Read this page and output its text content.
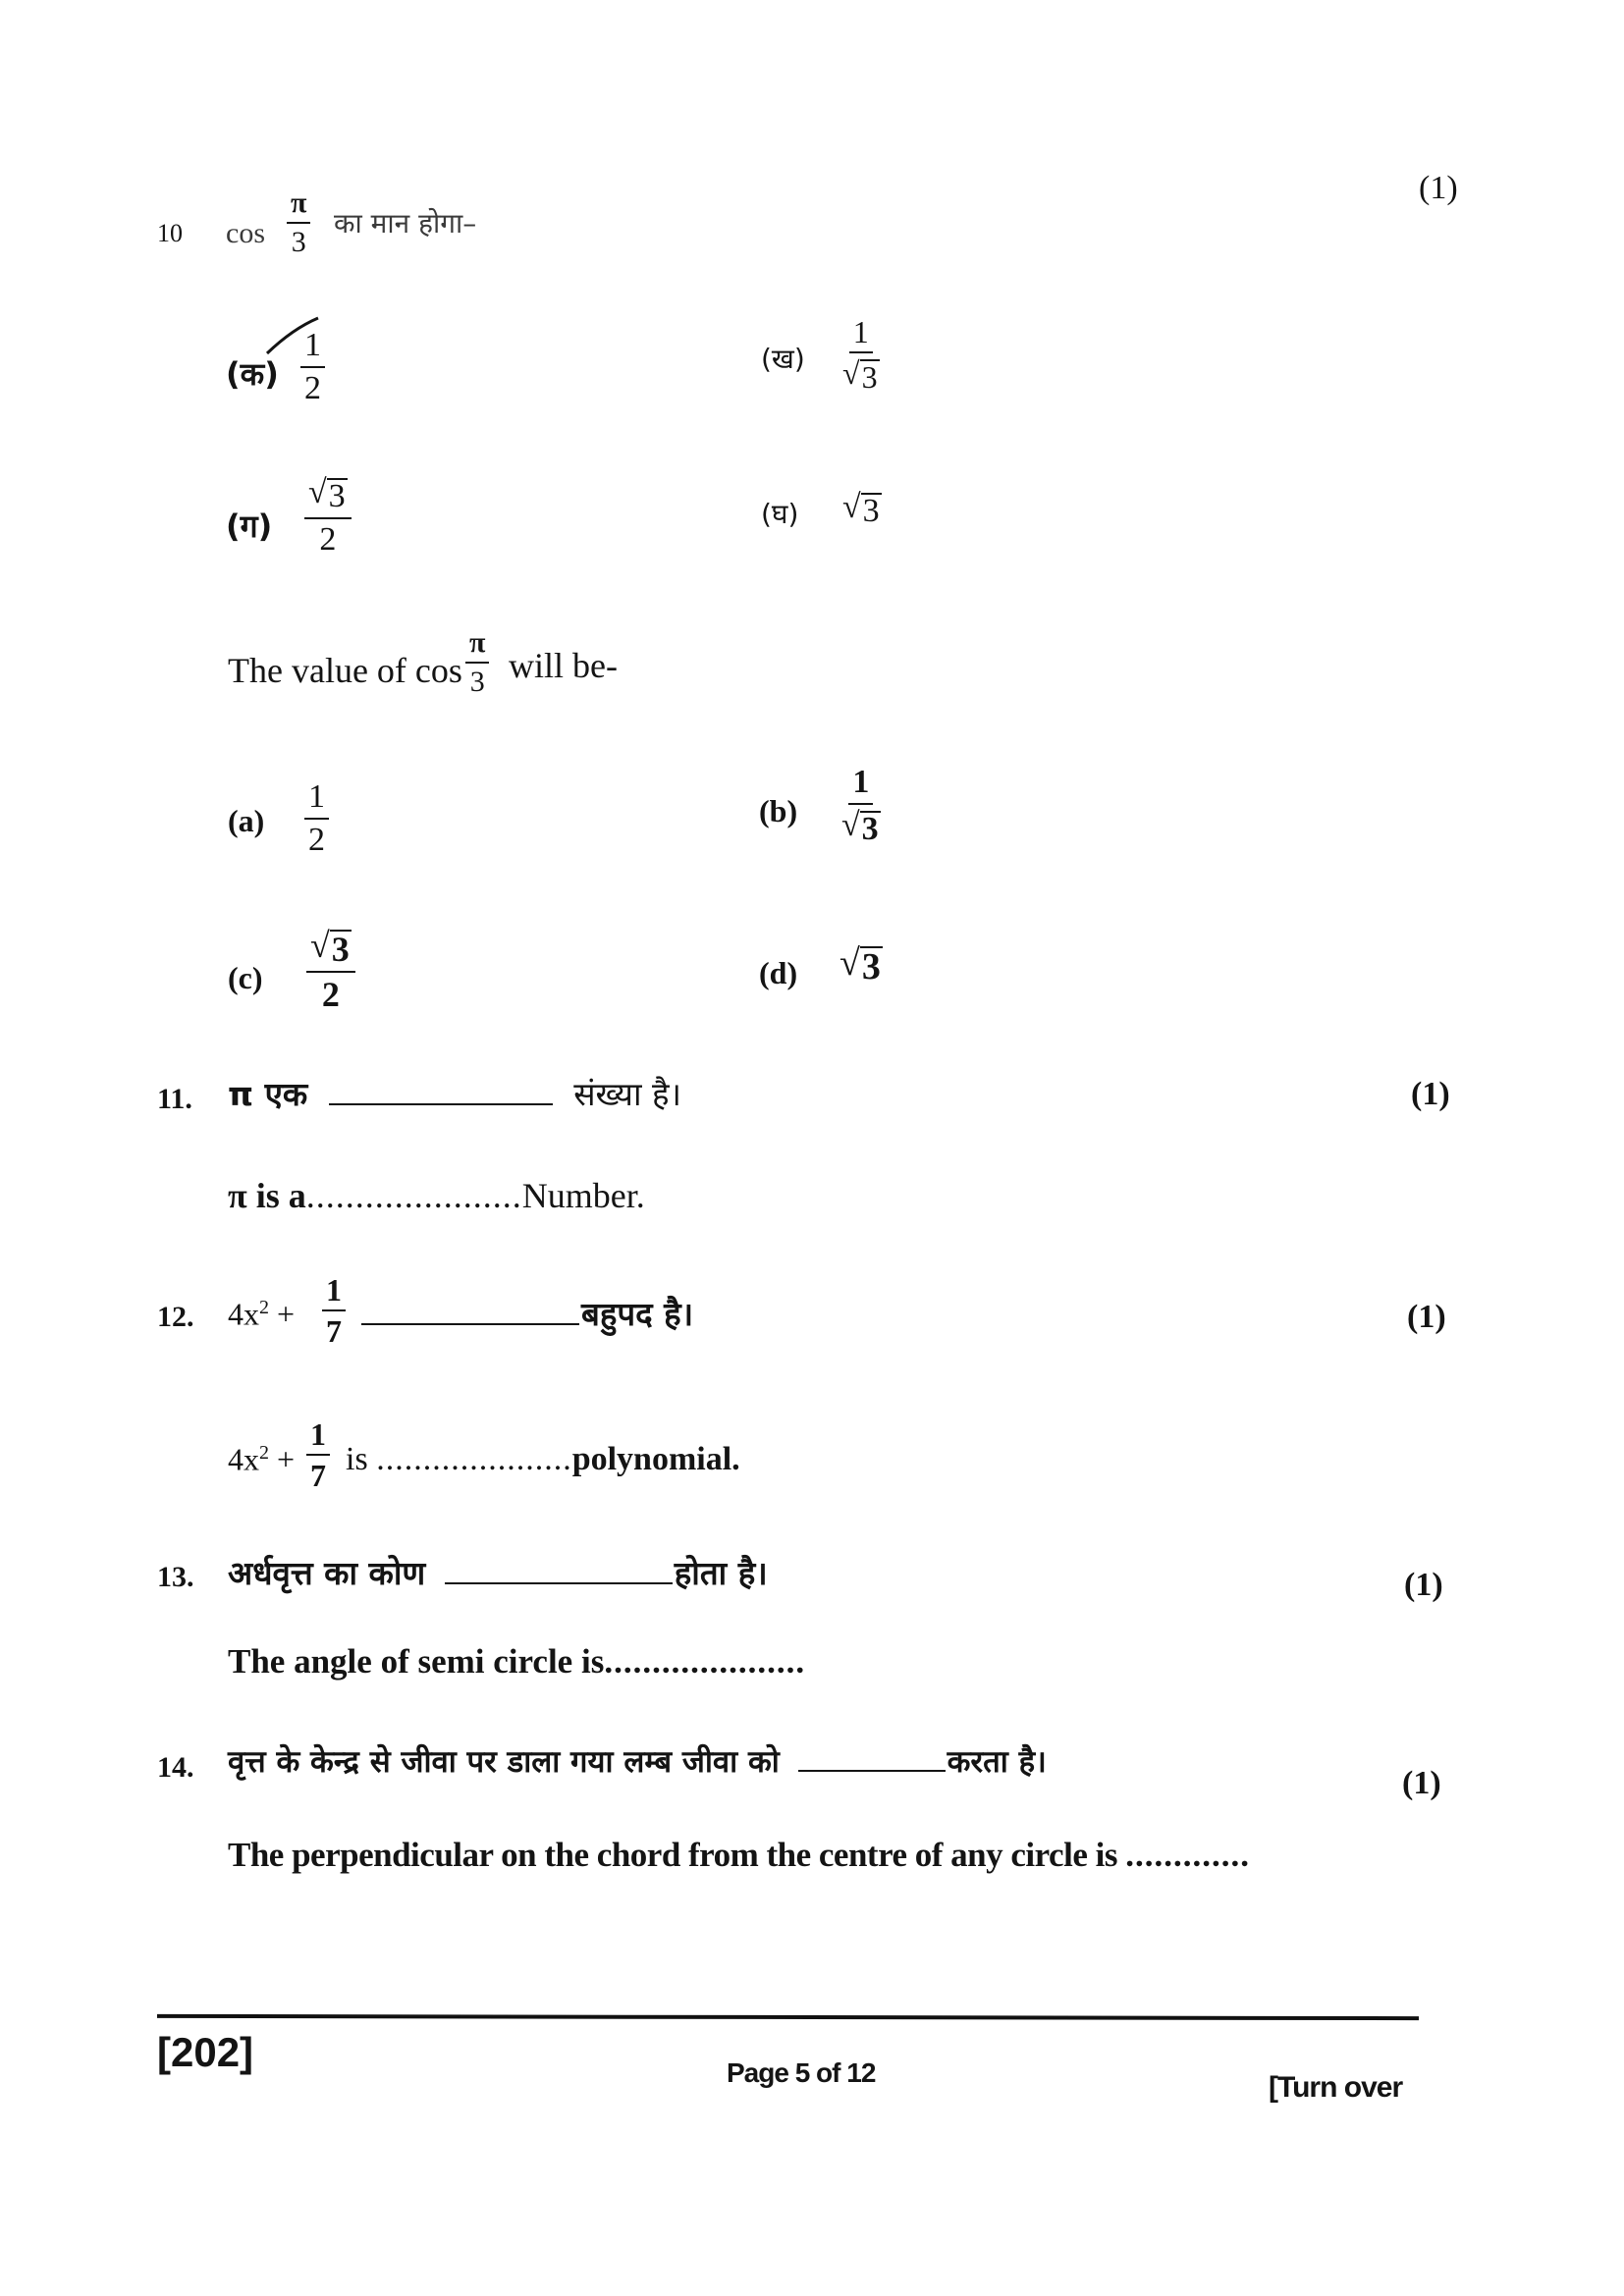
10
(1)
$\cos \frac{\pi}{3}$ का मान होगा–
(क) $\frac{1}{2}$	(ख) $\frac{1}{√ 3}$
(ग) $\frac{√ 3}{2}$	(घ) √ 3
The value of $\cos \frac{\pi}{3}$ will be-
$(a) \frac{1}{2}$	$(b) \frac{1}{√ 3}$
$(c) \frac{√ 3}{2}$	(d) √ 3
11.	(1)
π एक	संख्या है।
π is a......................Number.
12.	(1)
$4x^2 + \frac{1}{7}$	बहुपद है।
$4x^2 + \frac{1}{7}$ is .....................polynomial.
13.	(1)
अर्धवृत्त का कोण	होता है।
The angle of semi circle is.....................
14.	(1)
वृत्त के केन्द्र से जीवा पर डाला गया लम्ब जीवा को	करता है।
The perpendicular on the chord from the centre of any circle is .............
[202]	Page 5 of 12	[Turn over
